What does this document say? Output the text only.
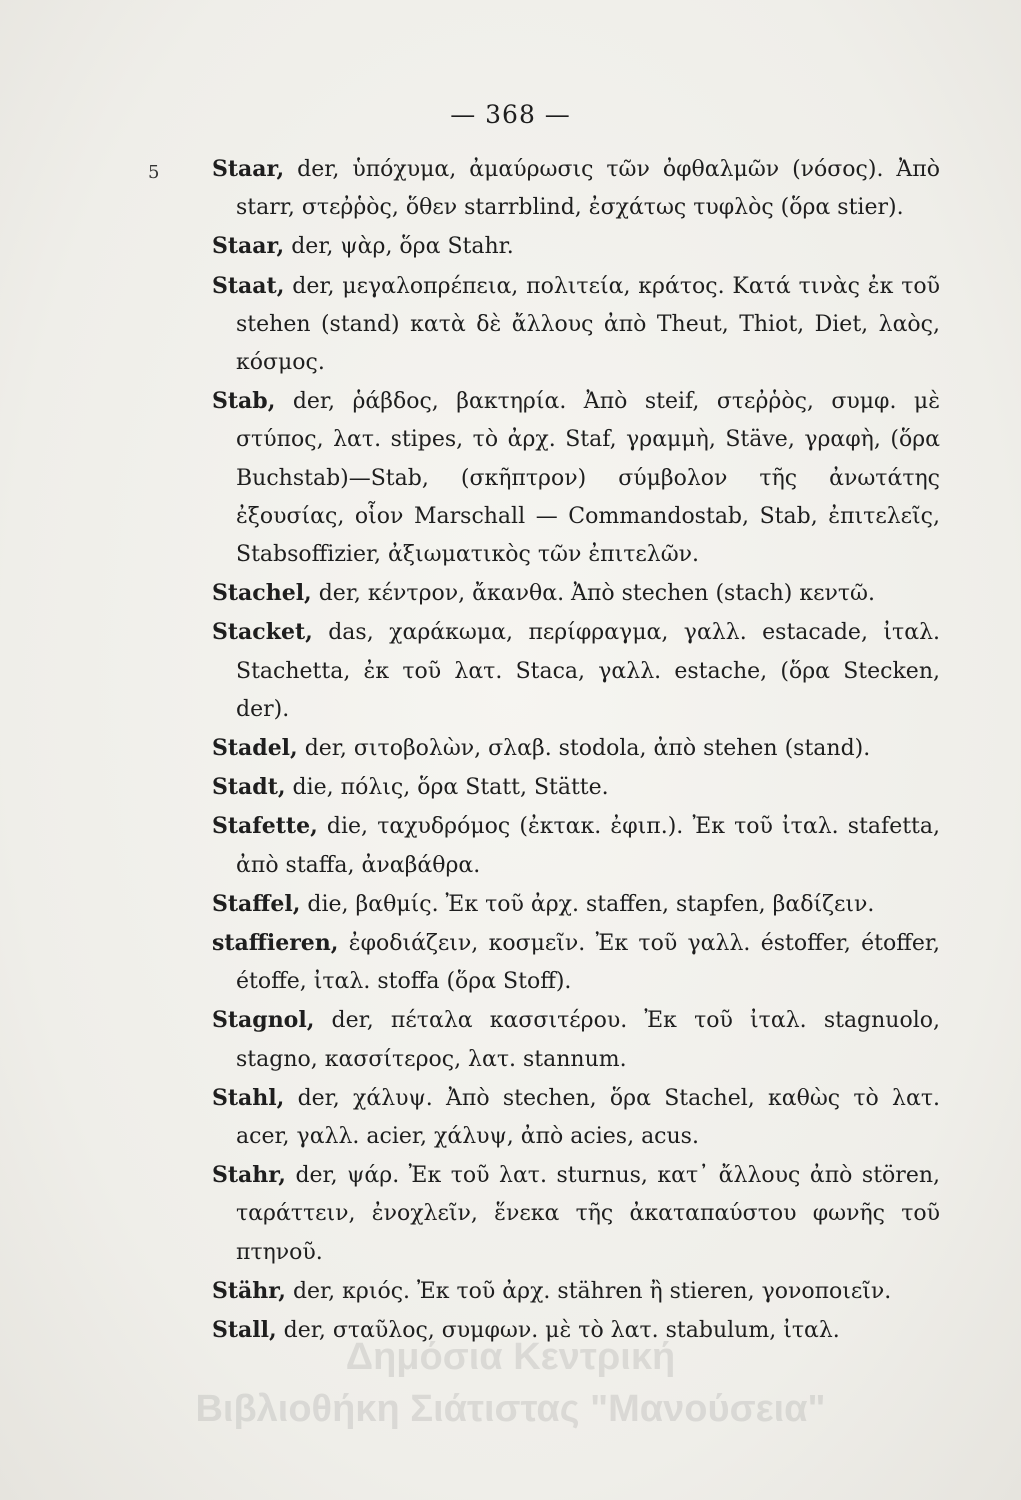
— 368 —
5 Staar, der, ὑπόχυμα, ἀμαύρωσις τῶν ὀφθαλμῶν (νόσος). Ἀπὸ starr, στεῤῥὸς, ὅθεν starrblind, ἐσχάτως τυφλὸς (ὅρα stier).

Staar, der, ψὰρ, ὅρα Stahr.

Staat, der, μεγαλοπρέπεια, πολιτεία, κράτος. Κατά τινὰς ἐκ τοῦ stehen (stand) κατὰ δὲ ἄλλους ἀπὸ Theut, Thiot, Diet, λαὸς, κόσμος.

Stab, der, ῥάβδος, βακτηρία. Ἀπὸ steif, στεῤῥὸς, συμφ. μὲ στύπος, λατ. stipes, τὸ ἀρχ. Staf, γραμμὴ, Stäve, γραφὴ, (ὅρα Buchstab)—Stab, (σκῆπτρον) σύμβολον τῆς ἀνωτάτης ἐξουσίας, οἷον Marschall — Commandostab, Stab, ἐπιτελεῖς, Stabsoffizier, ἀξιωματικὸς τῶν ἐπιτελῶν.

Stachel, der, κέντρον, ἄκανθα. Ἀπὸ stechen (stach) κεντῶ.

Stacket, das, χαράκωμα, περίφραγμα, γαλλ. estacade, ἰταλ. Stachetta, ἐκ τοῦ λατ. Staca, γαλλ. estache, (ὅρα Stecken, der).

Stadel, der, σιτοβολὼν, σλαβ. stodola, ἀπὸ stehen (stand).

Stadt, die, πόλις, ὅρα Statt, Stätte.

Stafette, die, ταχυδρόμος (ἐκτακ. ἐφιπ.). Ἐκ τοῦ ἰταλ. stafetta, ἀπὸ staffa, ἀναβάθρα.

Staffel, die, βαθμίς. Ἐκ τοῦ ἀρχ. staffen, stapfen, βαδίζειν.

staffieren, ἐφοδιάζειν, κοσμεῖν. Ἐκ τοῦ γαλλ. éstoffer, étoffer, étoffe, ἰταλ. stoffa (ὅρα Stoff).

Stagnol, der, πέταλα κασσιτέρου. Ἐκ τοῦ ἰταλ. stagnuolo, stagno, κασσίτερος, λατ. stannum.

Stahl, der, χάλυψ. Ἀπὸ stechen, ὅρα Stachel, καθὼς τὸ λατ. acer, γαλλ. acier, χάλυψ, ἀπὸ acies, acus.

Stahr, der, ψάρ. Ἐκ τοῦ λατ. sturnus, κατ᾽ ἄλλους ἀπὸ stören, ταράττειν, ἐνοχλεῖν, ἕνεκα τῆς ἀκαταπαύστου φωνῆς τοῦ πτηνοῦ.

Stähr, der, κριός. Ἐκ τοῦ ἀρχ. stähren ἢ stieren, γονοποιεῖν.

Stall, der, σταῦλος, συμφων. μὲ τὸ λατ. stabulum, ἰταλ.

Δημόσια Κεντρική
Βιβλιοθήκη Σιάτιστας "Μανούσεια"
